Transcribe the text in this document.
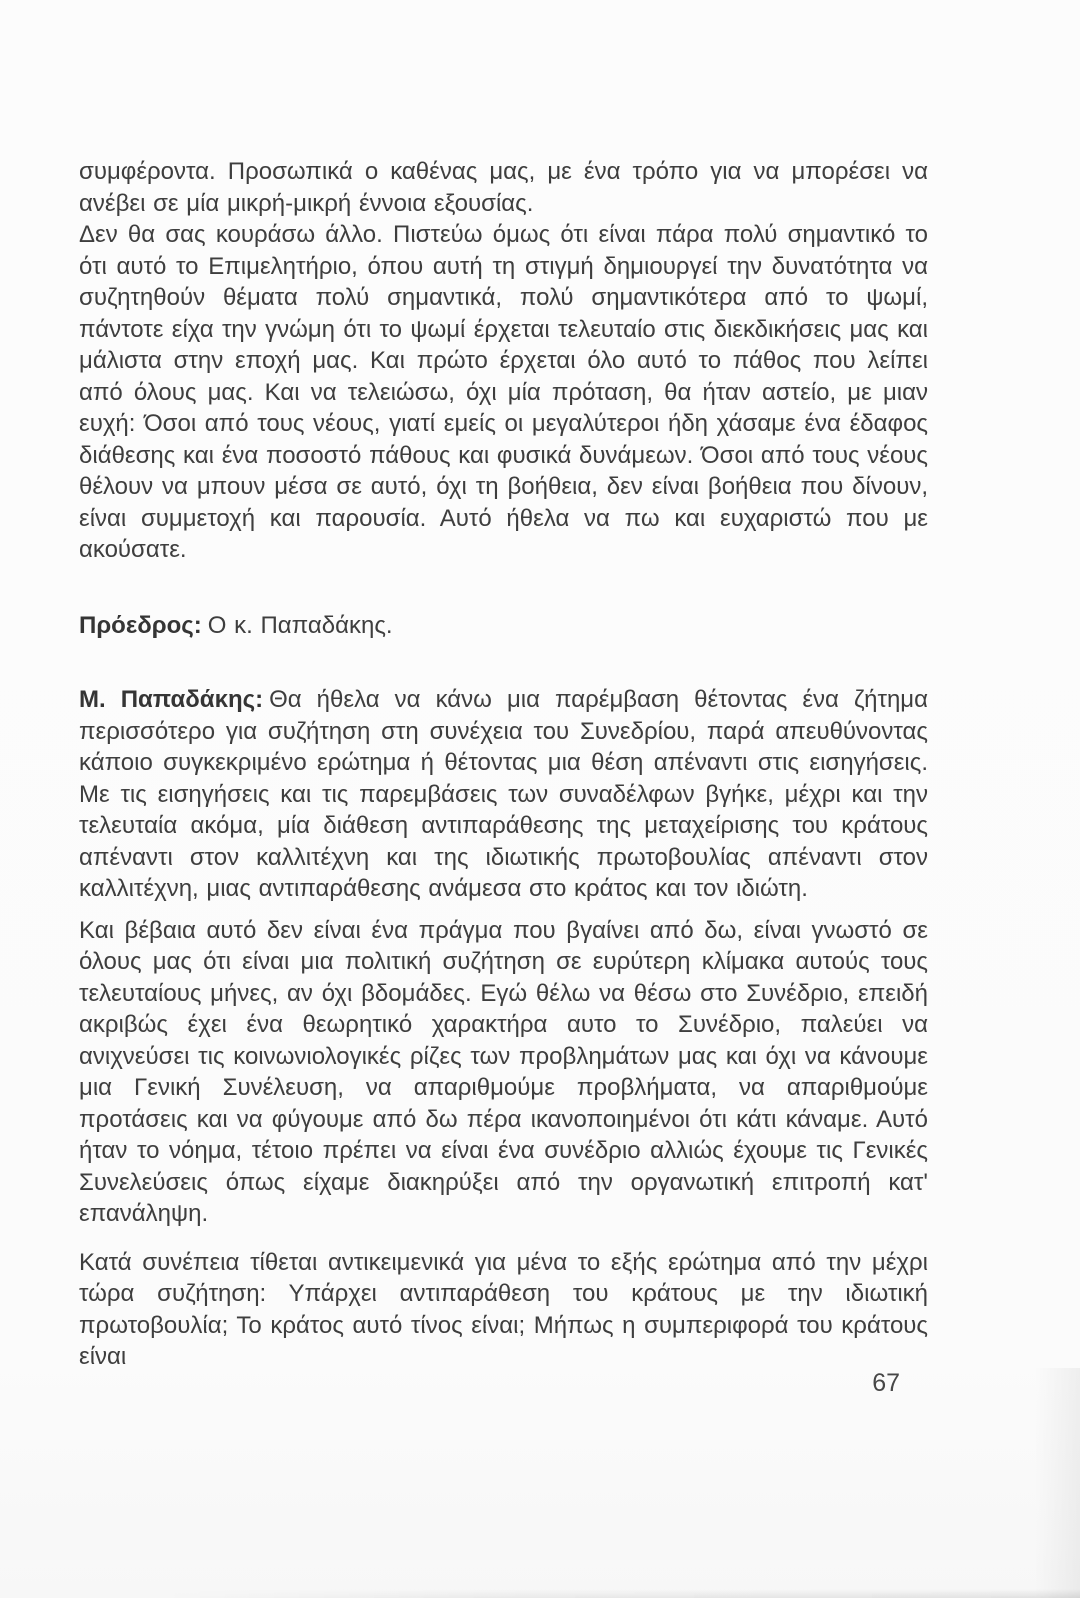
συμφέροντα. Προσωπικά ο καθένας μας, με ένα τρόπο για να μπορέσει να ανέβει σε μία μικρή-μικρή έννοια εξουσίας.

Δεν θα σας κουράσω άλλο. Πιστεύω όμως ότι είναι πάρα πολύ σημαντικό το ότι αυτό το Επιμελητήριο, όπου αυτή τη στιγμή δημιουργεί την δυνατότητα να συζητηθούν θέματα πολύ σημαντικά, πολύ σημαντικότερα από το ψωμί, πάντοτε είχα την γνώμη ότι το ψωμί έρχεται τελευταίο στις διεκδικήσεις μας και μάλιστα στην εποχή μας. Και πρώτο έρχεται όλο αυτό το πάθος που λείπει από όλους μας. Και να τελειώσω, όχι μία πρόταση, θα ήταν αστείο, με μιαν ευχή: Όσοι από τους νέους, γιατί εμείς οι μεγαλύτεροι ήδη χάσαμε ένα έδαφος διάθεσης και ένα ποσοστό πάθους και φυσικά δυνάμεων. Όσοι από τους νέους θέλουν να μπουν μέσα σε αυτό, όχι τη βοήθεια, δεν είναι βοήθεια που δίνουν, είναι συμμετοχή και παρουσία. Αυτό ήθελα να πω και ευχαριστώ που με ακούσατε.

Πρόεδρος: Ο κ. Παπαδάκης.

Μ. Παπαδάκης: Θα ήθελα να κάνω μια παρέμβαση θέτοντας ένα ζήτημα περισσότερο για συζήτηση στη συνέχεια του Συνεδρίου, παρά απευθύνοντας κάποιο συγκεκριμένο ερώτημα ή θέτοντας μια θέση απέναντι στις εισηγήσεις. Με τις εισηγήσεις και τις παρεμβάσεις των συναδέλφων βγήκε, μέχρι και την τελευταία ακόμα, μία διάθεση αντιπαράθεσης της μεταχείρισης του κράτους απέναντι στον καλλιτέχνη και της ιδιωτικής πρωτοβουλίας απέναντι στον καλλιτέχνη, μιας αντιπαράθεσης ανάμεσα στο κράτος και τον ιδιώτη.

Και βέβαια αυτό δεν είναι ένα πράγμα που βγαίνει από δω, είναι γνωστό σε όλους μας ότι είναι μια πολιτική συζήτηση σε ευρύτερη κλίμακα αυτούς τους τελευταίους μήνες, αν όχι βδομάδες. Εγώ θέλω να θέσω στο Συνέδριο, επειδή ακριβώς έχει ένα θεωρητικό χαρακτήρα αυτο το Συνέδριο, παλεύει να ανιχνεύσει τις κοινωνιολογικές ρίζες των προβλημάτων μας και όχι να κάνουμε μια Γενική Συνέλευση, να απαριθμούμε προβλήματα, να απαριθμούμε προτάσεις και να φύγουμε από δω πέρα ικανοποιημένοι ότι κάτι κάναμε. Αυτό ήταν το νόημα, τέτοιο πρέπει να είναι ένα συνέδριο αλλιώς έχουμε τις Γενικές Συνελεύσεις όπως είχαμε διακηρύξει από την οργανωτική επιτροπή κατ' επανάληψη.

Κατά συνέπεια τίθεται αντικειμενικά για μένα το εξής ερώτημα από την μέχρι τώρα συζήτηση: Υπάρχει αντιπαράθεση του κράτους με την ιδιωτική πρωτοβουλία; Το κράτος αυτό τίνος είναι; Μήπως η συμπεριφορά του κράτους είναι

67
